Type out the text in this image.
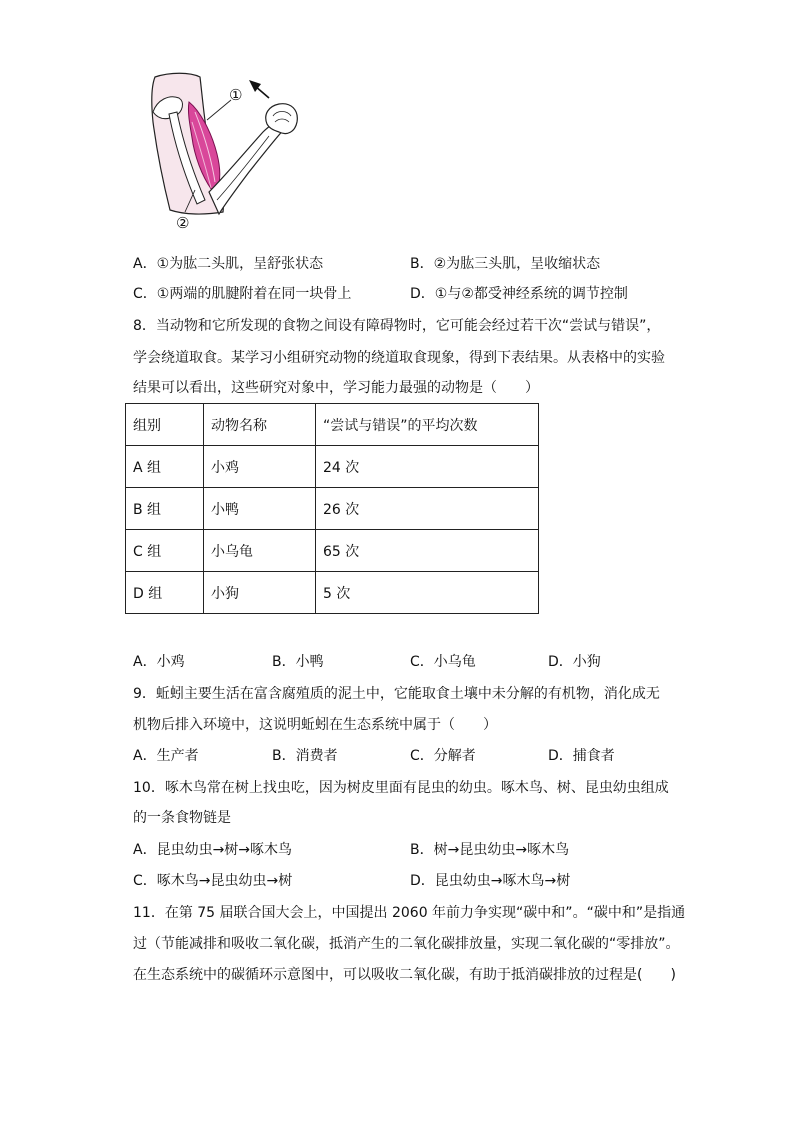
①
②
A．①为肱二头肌，呈舒张状态	B．②为肱三头肌，呈收缩状态
C．①两端的肌腱附着在同一块骨上	D．①与②都受神经系统的调节控制
8．当动物和它所发现的食物之间设有障碍物时，它可能会经过若干次“尝试与错误”，
学会绕道取食。某学习小组研究动物的绕道取食现象，得到下表结果。从表格中的实验
结果可以看出，这些研究对象中，学习能力最强的动物是（　　）
组别	动物名称	“尝试与错误”的平均次数
A 组	小鸡	24 次
B 组	小鸭	26 次
C 组	小乌龟	65 次
D 组	小狗	5 次
A．小鸡	B．小鸭	C．小乌龟	D．小狗
9．蚯蚓主要生活在富含腐殖质的泥土中，它能取食土壤中未分解的有机物，消化成无
机物后排入环境中，这说明蚯蚓在生态系统中属于（　　）
A．生产者	B．消费者	C．分解者	D．捕食者
10．啄木鸟常在树上找虫吃，因为树皮里面有昆虫的幼虫。啄木鸟、树、昆虫幼虫组成
的一条食物链是
A．昆虫幼虫→树→啄木鸟	B．树→昆虫幼虫→啄木鸟
C．啄木鸟→昆虫幼虫→树	D．昆虫幼虫→啄木鸟→树
11．在第 75 届联合国大会上，中国提出 2060 年前力争实现“碳中和”。“碳中和”是指通
过（节能减排和吸收二氧化碳，抵消产生的二氧化碳排放量，实现二氧化碳的“零排放”。
在生态系统中的碳循环示意图中，可以吸收二氧化碳，有助于抵消碳排放的过程是(　　)
